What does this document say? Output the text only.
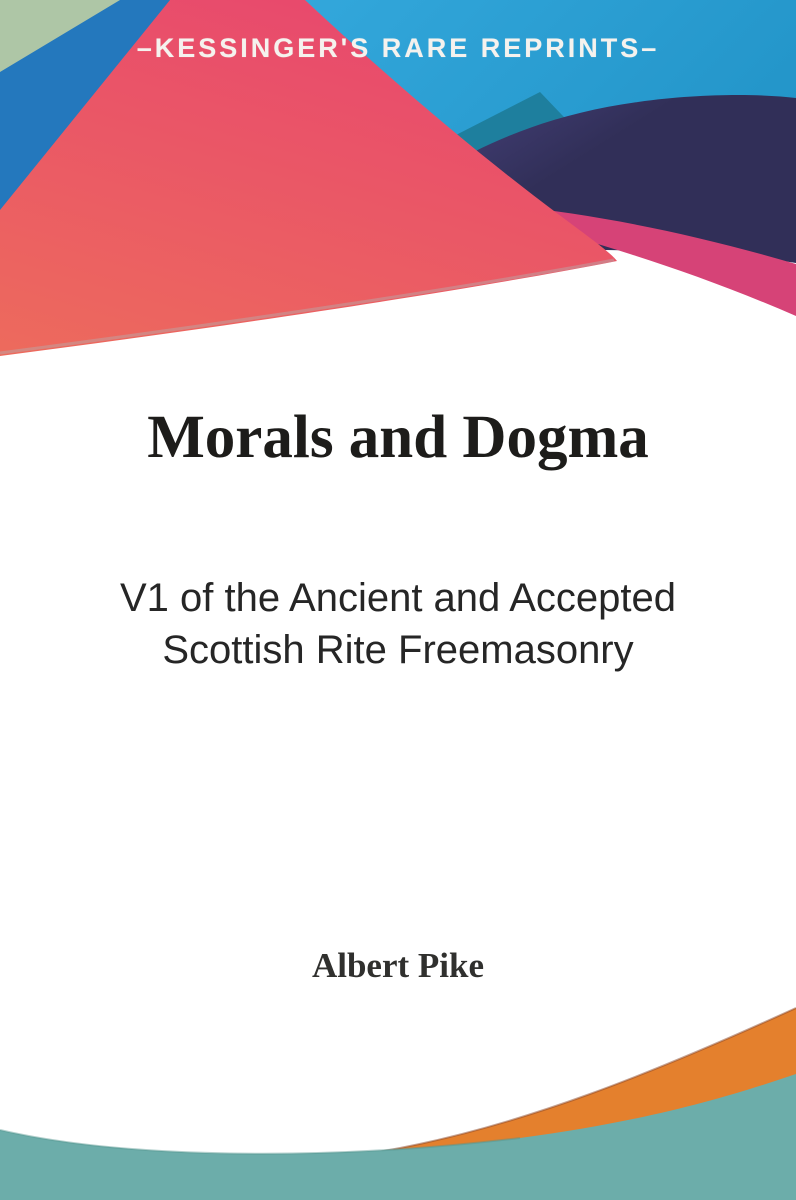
–KESSINGER'S RARE REPRINTS–
Morals and Dogma
V1 of the Ancient and Accepted
Scottish Rite Freemasonry
Albert Pike
